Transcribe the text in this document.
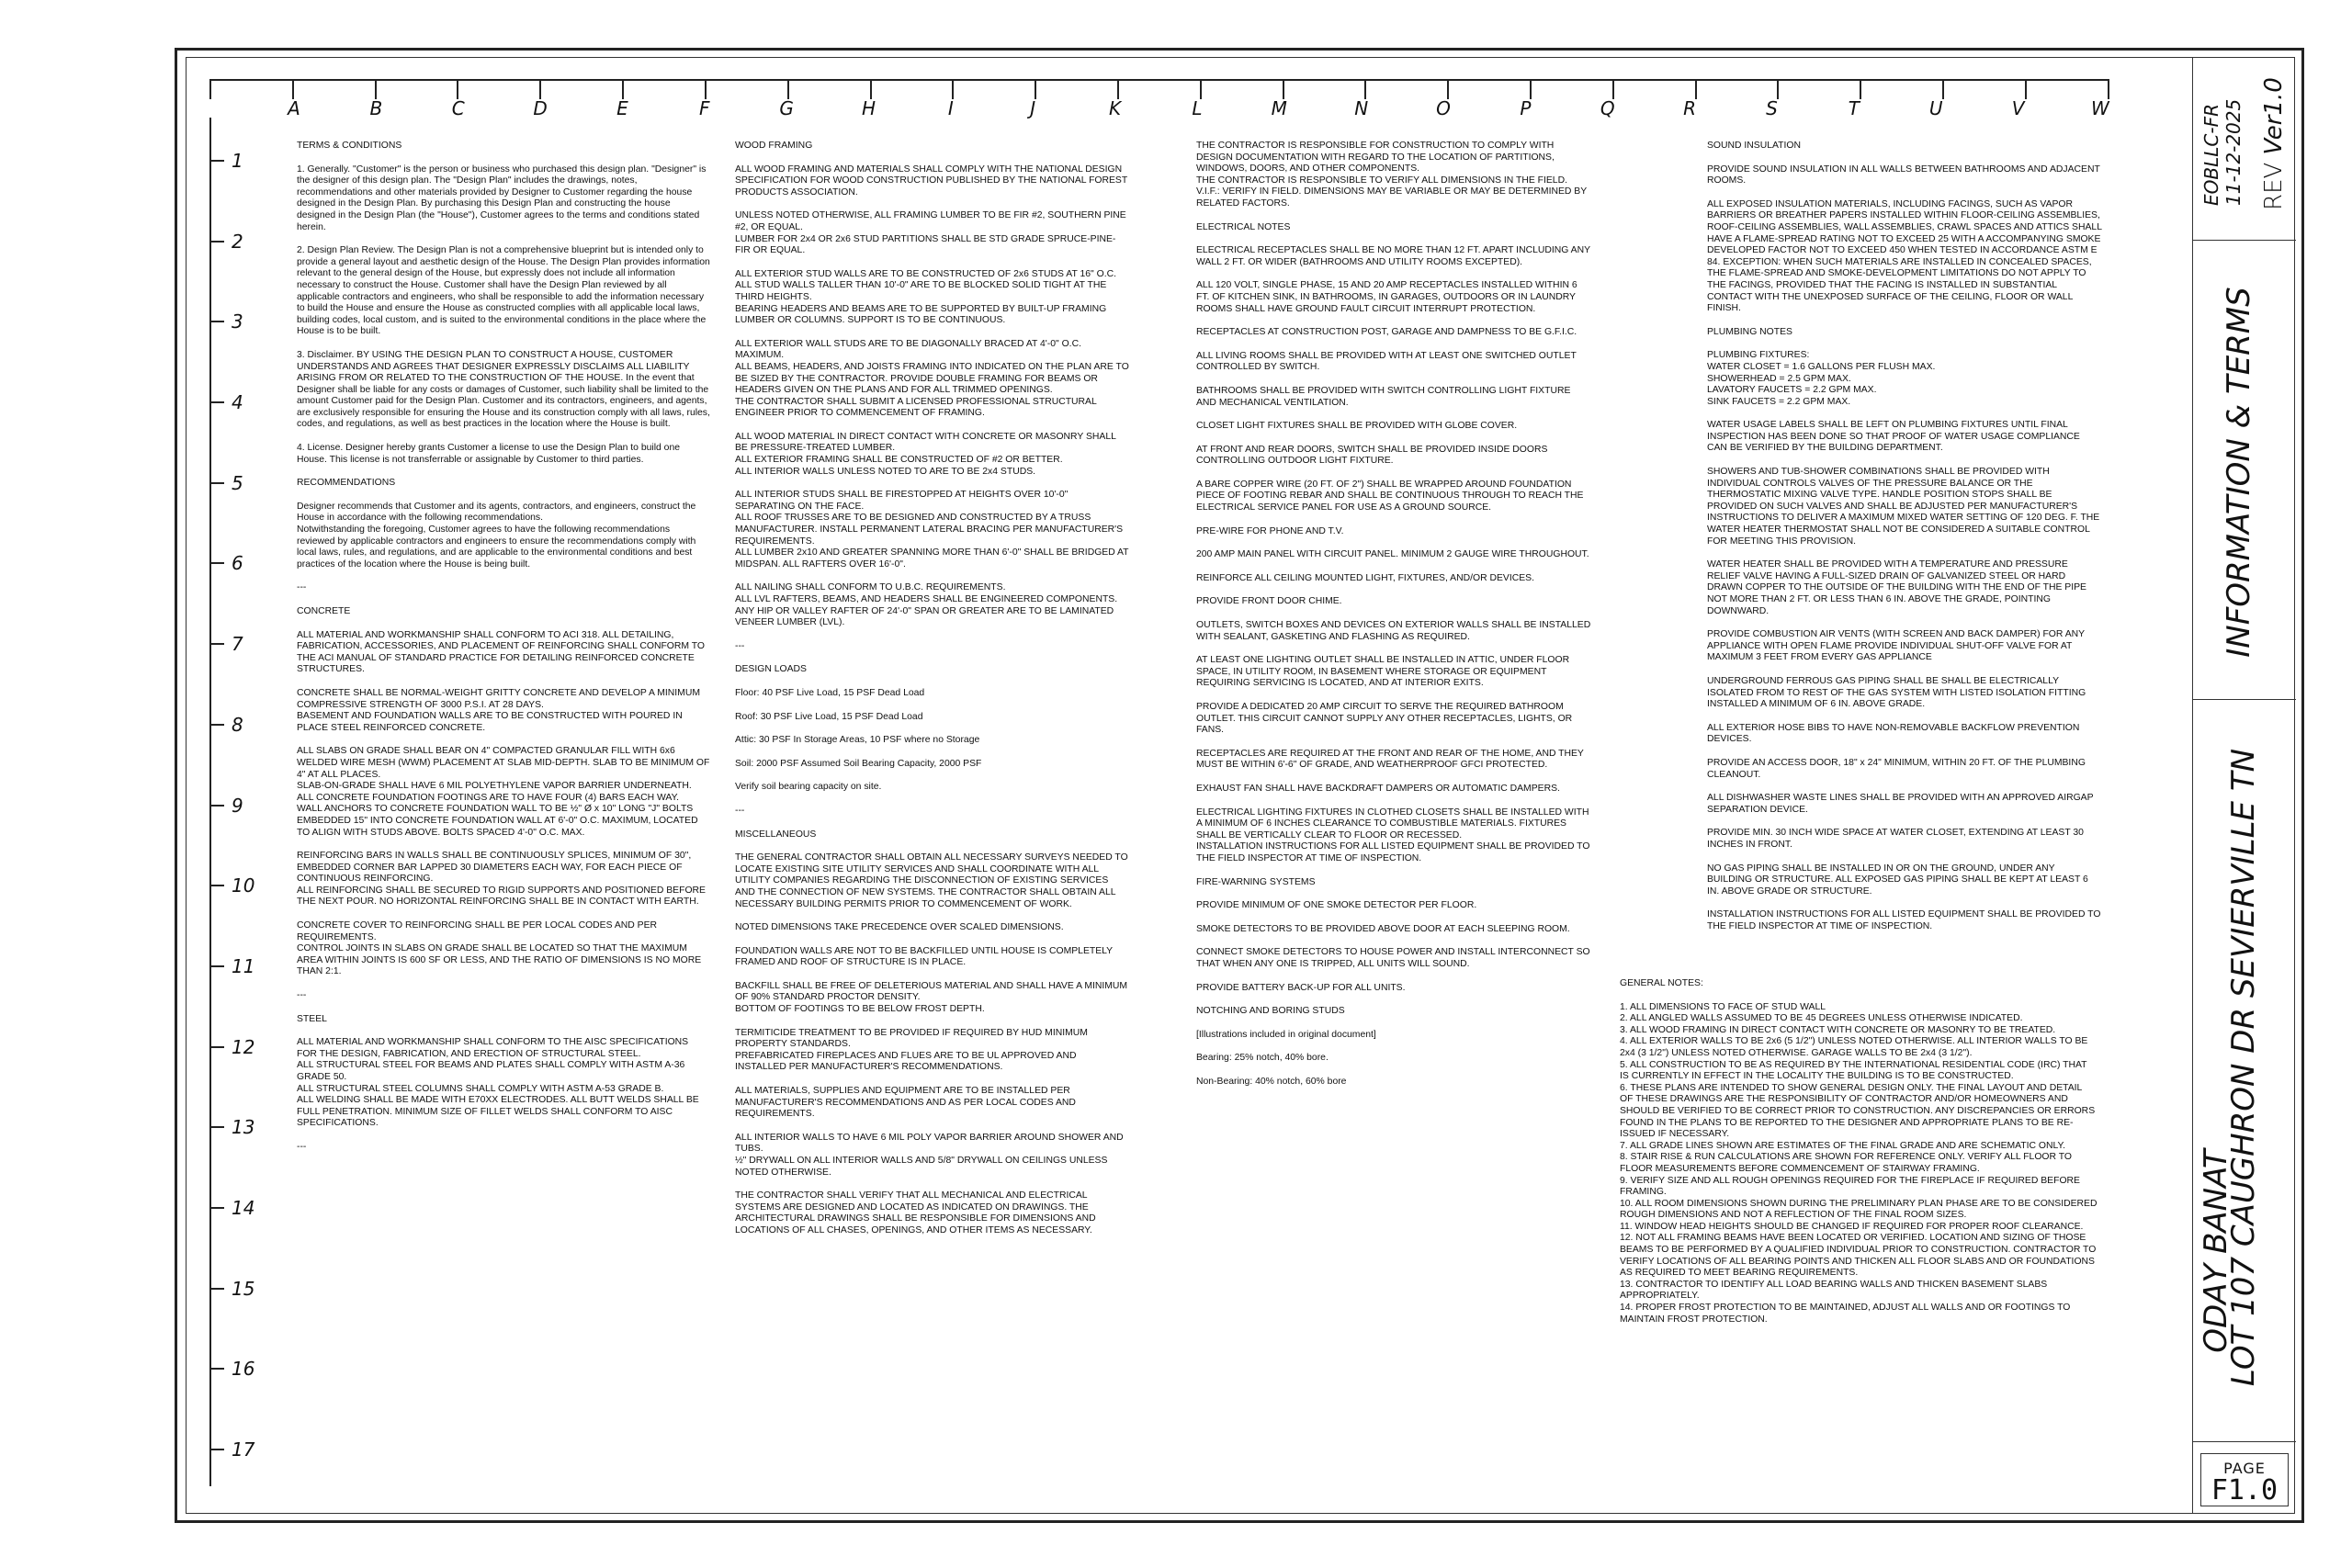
A	B	C	D	E	F	G	H	I	J	K	L	M	N	O	P	Q	R	S	T	U	V	W
1
2
3
4
5
6
7
8
9
10
11
12
13
14
15
16
17
TERMS & CONDITIONS

1. Generally. "Customer" is the person or business who purchased this design plan. "Designer" is the designer of this design plan. The "Design Plan" includes the drawings, notes, recommendations and other materials provided by Designer to Customer regarding the house designed in the Design Plan. By purchasing this Design Plan and constructing the house designed in the Design Plan (the "House"), Customer agrees to the terms and conditions stated herein.

2. Design Plan Review. The Design Plan is not a comprehensive blueprint but is intended only to provide a general layout and aesthetic design of the House. The Design Plan provides information relevant to the general design of the House, but expressly does not include all information necessary to construct the House. Customer shall have the Design Plan reviewed by all applicable contractors and engineers, who shall be responsible to add the information necessary to build the House and ensure the House as constructed complies with all applicable local laws, building codes, local custom, and is suited to the environmental conditions in the place where the House is to be built.

3. Disclaimer. BY USING THE DESIGN PLAN TO CONSTRUCT A HOUSE, CUSTOMER UNDERSTANDS AND AGREES THAT DESIGNER EXPRESSLY DISCLAIMS ALL LIABILITY ARISING FROM OR RELATED TO THE CONSTRUCTION OF THE HOUSE. In the event that Designer shall be liable for any costs or damages of Customer, such liability shall be limited to the amount Customer paid for the Design Plan. Customer and its contractors, engineers, and agents, are exclusively responsible for ensuring the House and its construction comply with all laws, rules, codes, and regulations, as well as best practices in the location where the House is built.

4. License. Designer hereby grants Customer a license to use the Design Plan to build one House. This license is not transferrable or assignable by Customer to third parties.

RECOMMENDATIONS

Designer recommends that Customer and its agents, contractors, and engineers, construct the House in accordance with the following recommendations.
Notwithstanding the foregoing, Customer agrees to have the following recommendations reviewed by applicable contractors and engineers to ensure the recommendations comply with local laws, rules, and regulations, and are applicable to the environmental conditions and best practices of the location where the House is being built.

---

CONCRETE

ALL MATERIAL AND WORKMANSHIP SHALL CONFORM TO ACI 318. ALL DETAILING, FABRICATION, ACCESSORIES, AND PLACEMENT OF REINFORCING SHALL CONFORM TO THE ACI MANUAL OF STANDARD PRACTICE FOR DETAILING REINFORCED CONCRETE STRUCTURES.

CONCRETE SHALL BE NORMAL-WEIGHT GRITTY CONCRETE AND DEVELOP A MINIMUM COMPRESSIVE STRENGTH OF 3000 P.S.I. AT 28 DAYS.
BASEMENT AND FOUNDATION WALLS ARE TO BE CONSTRUCTED WITH POURED IN PLACE STEEL REINFORCED CONCRETE.

ALL SLABS ON GRADE SHALL BEAR ON 4" COMPACTED GRANULAR FILL WITH 6x6 WELDED WIRE MESH (WWM) PLACEMENT AT SLAB MID-DEPTH. SLAB TO BE MINIMUM OF 4" AT ALL PLACES.
SLAB-ON-GRADE SHALL HAVE 6 MIL POLYETHYLENE VAPOR BARRIER UNDERNEATH.
ALL CONCRETE FOUNDATION FOOTINGS ARE TO HAVE FOUR (4) BARS EACH WAY.
WALL ANCHORS TO CONCRETE FOUNDATION WALL TO BE ½" Ø x 10" LONG "J" BOLTS EMBEDDED 15" INTO CONCRETE FOUNDATION WALL AT 6'-0" O.C. MAXIMUM, LOCATED TO ALIGN WITH STUDS ABOVE. BOLTS SPACED 4'-0" O.C. MAX.

REINFORCING BARS IN WALLS SHALL BE CONTINUOUSLY SPLICES, MINIMUM OF 30", EMBEDDED CORNER BAR LAPPED 30 DIAMETERS EACH WAY, FOR EACH PIECE OF CONTINUOUS REINFORCING.
ALL REINFORCING SHALL BE SECURED TO RIGID SUPPORTS AND POSITIONED BEFORE THE NEXT POUR. NO HORIZONTAL REINFORCING SHALL BE IN CONTACT WITH EARTH.

CONCRETE COVER TO REINFORCING SHALL BE PER LOCAL CODES AND PER REQUIREMENTS.
CONTROL JOINTS IN SLABS ON GRADE SHALL BE LOCATED SO THAT THE MAXIMUM AREA WITHIN JOINTS IS 600 SF OR LESS, AND THE RATIO OF DIMENSIONS IS NO MORE THAN 2:1.

---

STEEL

ALL MATERIAL AND WORKMANSHIP SHALL CONFORM TO THE AISC SPECIFICATIONS FOR THE DESIGN, FABRICATION, AND ERECTION OF STRUCTURAL STEEL.
ALL STRUCTURAL STEEL FOR BEAMS AND PLATES SHALL COMPLY WITH ASTM A-36 GRADE 50.
ALL STRUCTURAL STEEL COLUMNS SHALL COMPLY WITH ASTM A-53 GRADE B.
ALL WELDING SHALL BE MADE WITH E70XX ELECTRODES. ALL BUTT WELDS SHALL BE FULL PENETRATION. MINIMUM SIZE OF FILLET WELDS SHALL CONFORM TO AISC SPECIFICATIONS.

---

WOOD FRAMING

ALL WOOD FRAMING AND MATERIALS SHALL COMPLY WITH THE NATIONAL DESIGN SPECIFICATION FOR WOOD CONSTRUCTION PUBLISHED BY THE NATIONAL FOREST PRODUCTS ASSOCIATION.

UNLESS NOTED OTHERWISE, ALL FRAMING LUMBER TO BE FIR #2, SOUTHERN PINE #2, OR EQUAL.
LUMBER FOR 2x4 OR 2x6 STUD PARTITIONS SHALL BE STD GRADE SPRUCE-PINE-FIR OR EQUAL.

ALL EXTERIOR STUD WALLS ARE TO BE CONSTRUCTED OF 2x6 STUDS AT 16" O.C. ALL STUD WALLS TALLER THAN 10'-0" ARE TO BE BLOCKED SOLID TIGHT AT THE THIRD HEIGHTS.
BEARING HEADERS AND BEAMS ARE TO BE SUPPORTED BY BUILT-UP FRAMING LUMBER OR COLUMNS. SUPPORT IS TO BE CONTINUOUS.

ALL EXTERIOR WALL STUDS ARE TO BE DIAGONALLY BRACED AT 4'-0" O.C. MAXIMUM.
ALL BEAMS, HEADERS, AND JOISTS FRAMING INTO INDICATED ON THE PLAN ARE TO BE SIZED BY THE CONTRACTOR. PROVIDE DOUBLE FRAMING FOR BEAMS OR HEADERS GIVEN ON THE PLANS AND FOR ALL TRIMMED OPENINGS.
THE CONTRACTOR SHALL SUBMIT A LICENSED PROFESSIONAL STRUCTURAL ENGINEER PRIOR TO COMMENCEMENT OF FRAMING.

ALL WOOD MATERIAL IN DIRECT CONTACT WITH CONCRETE OR MASONRY SHALL BE PRESSURE-TREATED LUMBER.
ALL EXTERIOR FRAMING SHALL BE CONSTRUCTED OF #2 OR BETTER.
ALL INTERIOR WALLS UNLESS NOTED TO ARE TO BE 2x4 STUDS.

ALL INTERIOR STUDS SHALL BE FIRESTOPPED AT HEIGHTS OVER 10'-0" SEPARATING ON THE FACE.
ALL ROOF TRUSSES ARE TO BE DESIGNED AND CONSTRUCTED BY A TRUSS MANUFACTURER. INSTALL PERMANENT LATERAL BRACING PER MANUFACTURER'S REQUIREMENTS.
ALL LUMBER 2x10 AND GREATER SPANNING MORE THAN 6'-0" SHALL BE BRIDGED AT MIDSPAN. ALL RAFTERS OVER 16'-0".

ALL NAILING SHALL CONFORM TO U.B.C. REQUIREMENTS.
ALL LVL RAFTERS, BEAMS, AND HEADERS SHALL BE ENGINEERED COMPONENTS.
ANY HIP OR VALLEY RAFTER OF 24'-0" SPAN OR GREATER ARE TO BE LAMINATED VENEER LUMBER (LVL).

---

DESIGN LOADS

Floor: 40 PSF Live Load, 15 PSF Dead Load

Roof: 30 PSF Live Load, 15 PSF Dead Load

Attic: 30 PSF In Storage Areas, 10 PSF where no Storage

Soil: 2000 PSF Assumed Soil Bearing Capacity, 2000 PSF

Verify soil bearing capacity on site.

---

MISCELLANEOUS

THE GENERAL CONTRACTOR SHALL OBTAIN ALL NECESSARY SURVEYS NEEDED TO LOCATE EXISTING SITE UTILITY SERVICES AND SHALL COORDINATE WITH ALL UTILITY COMPANIES REGARDING THE DISCONNECTION OF EXISTING SERVICES AND THE CONNECTION OF NEW SYSTEMS. THE CONTRACTOR SHALL OBTAIN ALL NECESSARY BUILDING PERMITS PRIOR TO COMMENCEMENT OF WORK.

NOTED DIMENSIONS TAKE PRECEDENCE OVER SCALED DIMENSIONS.

FOUNDATION WALLS ARE NOT TO BE BACKFILLED UNTIL HOUSE IS COMPLETELY FRAMED AND ROOF OF STRUCTURE IS IN PLACE.

BACKFILL SHALL BE FREE OF DELETERIOUS MATERIAL AND SHALL HAVE A MINIMUM OF 90% STANDARD PROCTOR DENSITY.
BOTTOM OF FOOTINGS TO BE BELOW FROST DEPTH.

TERMITICIDE TREATMENT TO BE PROVIDED IF REQUIRED BY HUD MINIMUM PROPERTY STANDARDS.
PREFABRICATED FIREPLACES AND FLUES ARE TO BE UL APPROVED AND INSTALLED PER MANUFACTURER'S RECOMMENDATIONS.

ALL MATERIALS, SUPPLIES AND EQUIPMENT ARE TO BE INSTALLED PER MANUFACTURER'S RECOMMENDATIONS AND AS PER LOCAL CODES AND REQUIREMENTS.

ALL INTERIOR WALLS TO HAVE 6 MIL POLY VAPOR BARRIER AROUND SHOWER AND TUBS.
½" DRYWALL ON ALL INTERIOR WALLS AND 5/8" DRYWALL ON CEILINGS UNLESS NOTED OTHERWISE.

THE CONTRACTOR SHALL VERIFY THAT ALL MECHANICAL AND ELECTRICAL SYSTEMS ARE DESIGNED AND LOCATED AS INDICATED ON DRAWINGS. THE ARCHITECTURAL DRAWINGS SHALL BE RESPONSIBLE FOR DIMENSIONS AND LOCATIONS OF ALL CHASES, OPENINGS, AND OTHER ITEMS AS NECESSARY.

THE CONTRACTOR IS RESPONSIBLE FOR CONSTRUCTION TO COMPLY WITH DESIGN DOCUMENTATION WITH REGARD TO THE LOCATION OF PARTITIONS, WINDOWS, DOORS, AND OTHER COMPONENTS.
THE CONTRACTOR IS RESPONSIBLE TO VERIFY ALL DIMENSIONS IN THE FIELD.
V.I.F.: VERIFY IN FIELD. DIMENSIONS MAY BE VARIABLE OR MAY BE DETERMINED BY RELATED FACTORS.

ELECTRICAL NOTES

ELECTRICAL RECEPTACLES SHALL BE NO MORE THAN 12 FT. APART INCLUDING ANY WALL 2 FT. OR WIDER (BATHROOMS AND UTILITY ROOMS EXCEPTED).

ALL 120 VOLT, SINGLE PHASE, 15 AND 20 AMP RECEPTACLES INSTALLED WITHIN 6 FT. OF KITCHEN SINK, IN BATHROOMS, IN GARAGES, OUTDOORS OR IN LAUNDRY ROOMS SHALL HAVE GROUND FAULT CIRCUIT INTERRUPT PROTECTION.

RECEPTACLES AT CONSTRUCTION POST, GARAGE AND DAMPNESS TO BE G.F.I.C.

ALL LIVING ROOMS SHALL BE PROVIDED WITH AT LEAST ONE SWITCHED OUTLET CONTROLLED BY SWITCH.

BATHROOMS SHALL BE PROVIDED WITH SWITCH CONTROLLING LIGHT FIXTURE AND MECHANICAL VENTILATION.

CLOSET LIGHT FIXTURES SHALL BE PROVIDED WITH GLOBE COVER.

AT FRONT AND REAR DOORS, SWITCH SHALL BE PROVIDED INSIDE DOORS CONTROLLING OUTDOOR LIGHT FIXTURE.

A BARE COPPER WIRE (20 FT. OF 2") SHALL BE WRAPPED AROUND FOUNDATION PIECE OF FOOTING REBAR AND SHALL BE CONTINUOUS THROUGH TO REACH THE ELECTRICAL SERVICE PANEL FOR USE AS A GROUND SOURCE.

PRE-WIRE FOR PHONE AND T.V.

200 AMP MAIN PANEL WITH CIRCUIT PANEL. MINIMUM 2 GAUGE WIRE THROUGHOUT.

REINFORCE ALL CEILING MOUNTED LIGHT, FIXTURES, AND/OR DEVICES.

PROVIDE FRONT DOOR CHIME.

OUTLETS, SWITCH BOXES AND DEVICES ON EXTERIOR WALLS SHALL BE INSTALLED WITH SEALANT, GASKETING AND FLASHING AS REQUIRED.

AT LEAST ONE LIGHTING OUTLET SHALL BE INSTALLED IN ATTIC, UNDER FLOOR SPACE, IN UTILITY ROOM, IN BASEMENT WHERE STORAGE OR EQUIPMENT REQUIRING SERVICING IS LOCATED, AND AT INTERIOR EXITS.

PROVIDE A DEDICATED 20 AMP CIRCUIT TO SERVE THE REQUIRED BATHROOM OUTLET. THIS CIRCUIT CANNOT SUPPLY ANY OTHER RECEPTACLES, LIGHTS, OR FANS.

RECEPTACLES ARE REQUIRED AT THE FRONT AND REAR OF THE HOME, AND THEY MUST BE WITHIN 6'-6" OF GRADE, AND WEATHERPROOF GFCI PROTECTED.

EXHAUST FAN SHALL HAVE BACKDRAFT DAMPERS OR AUTOMATIC DAMPERS.

ELECTRICAL LIGHTING FIXTURES IN CLOTHED CLOSETS SHALL BE INSTALLED WITH A MINIMUM OF 6 INCHES CLEARANCE TO COMBUSTIBLE MATERIALS. FIXTURES SHALL BE VERTICALLY CLEAR TO FLOOR OR RECESSED.
INSTALLATION INSTRUCTIONS FOR ALL LISTED EQUIPMENT SHALL BE PROVIDED TO THE FIELD INSPECTOR AT TIME OF INSPECTION.

FIRE-WARNING SYSTEMS

PROVIDE MINIMUM OF ONE SMOKE DETECTOR PER FLOOR.

SMOKE DETECTORS TO BE PROVIDED ABOVE DOOR AT EACH SLEEPING ROOM.

CONNECT SMOKE DETECTORS TO HOUSE POWER AND INSTALL INTERCONNECT SO THAT WHEN ANY ONE IS TRIPPED, ALL UNITS WILL SOUND.

PROVIDE BATTERY BACK-UP FOR ALL UNITS.

NOTCHING AND BORING STUDS

[Illustrations included in original document]

Bearing: 25% notch, 40% bore.

Non-Bearing: 40% notch, 60% bore

SOUND INSULATION

PROVIDE SOUND INSULATION IN ALL WALLS BETWEEN BATHROOMS AND ADJACENT ROOMS.

ALL EXPOSED INSULATION MATERIALS, INCLUDING FACINGS, SUCH AS VAPOR BARRIERS OR BREATHER PAPERS INSTALLED WITHIN FLOOR-CEILING ASSEMBLIES, ROOF-CEILING ASSEMBLIES, WALL ASSEMBLIES, CRAWL SPACES AND ATTICS SHALL HAVE A FLAME-SPREAD RATING NOT TO EXCEED 25 WITH A ACCOMPANYING SMOKE DEVELOPED FACTOR NOT TO EXCEED 450 WHEN TESTED IN ACCORDANCE ASTM E 84. EXCEPTION: WHEN SUCH MATERIALS ARE INSTALLED IN CONCEALED SPACES, THE FLAME-SPREAD AND SMOKE-DEVELOPMENT LIMITATIONS DO NOT APPLY TO THE FACINGS, PROVIDED THAT THE FACING IS INSTALLED IN SUBSTANTIAL CONTACT WITH THE UNEXPOSED SURFACE OF THE CEILING, FLOOR OR WALL FINISH.

PLUMBING NOTES

PLUMBING FIXTURES:
WATER CLOSET = 1.6 GALLONS PER FLUSH MAX.
SHOWERHEAD = 2.5 GPM MAX.
LAVATORY FAUCETS = 2.2 GPM MAX.
SINK FAUCETS = 2.2 GPM MAX.

WATER USAGE LABELS SHALL BE LEFT ON PLUMBING FIXTURES UNTIL FINAL INSPECTION HAS BEEN DONE SO THAT PROOF OF WATER USAGE COMPLIANCE CAN BE VERIFIED BY THE BUILDING DEPARTMENT.

SHOWERS AND TUB-SHOWER COMBINATIONS SHALL BE PROVIDED WITH INDIVIDUAL CONTROLS VALVES OF THE PRESSURE BALANCE OR THE THERMOSTATIC MIXING VALVE TYPE. HANDLE POSITION STOPS SHALL BE PROVIDED ON SUCH VALVES AND SHALL BE ADJUSTED PER MANUFACTURER'S INSTRUCTIONS TO DELIVER A MAXIMUM MIXED WATER SETTING OF 120 DEG. F. THE WATER HEATER THERMOSTAT SHALL NOT BE CONSIDERED A SUITABLE CONTROL FOR MEETING THIS PROVISION.

WATER HEATER SHALL BE PROVIDED WITH A TEMPERATURE AND PRESSURE RELIEF VALVE HAVING A FULL-SIZED DRAIN OF GALVANIZED STEEL OR HARD DRAWN COPPER TO THE OUTSIDE OF THE BUILDING WITH THE END OF THE PIPE NOT MORE THAN 2 FT. OR LESS THAN 6 IN. ABOVE THE GRADE, POINTING DOWNWARD.

PROVIDE COMBUSTION AIR VENTS (WITH SCREEN AND BACK DAMPER) FOR ANY APPLIANCE WITH OPEN FLAME PROVIDE INDIVIDUAL SHUT-OFF VALVE FOR AT MAXIMUM 3 FEET FROM EVERY GAS APPLIANCE

UNDERGROUND FERROUS GAS PIPING SHALL BE SHALL BE ELECTRICALLY ISOLATED FROM TO REST OF THE GAS SYSTEM WITH LISTED ISOLATION FITTING INSTALLED A MINIMUM OF 6 IN. ABOVE GRADE.

ALL EXTERIOR HOSE BIBS TO HAVE NON-REMOVABLE BACKFLOW PREVENTION DEVICES.

PROVIDE AN ACCESS DOOR, 18" x 24" MINIMUM, WITHIN 20 FT. OF THE PLUMBING CLEANOUT.

ALL DISHWASHER WASTE LINES SHALL BE PROVIDED WITH AN APPROVED AIRGAP SEPARATION DEVICE.

PROVIDE MIN. 30 INCH WIDE SPACE AT WATER CLOSET, EXTENDING AT LEAST 30 INCHES IN FRONT.

NO GAS PIPING SHALL BE INSTALLED IN OR ON THE GROUND, UNDER ANY BUILDING OR STRUCTURE. ALL EXPOSED GAS PIPING SHALL BE KEPT AT LEAST 6 IN. ABOVE GRADE OR STRUCTURE.

INSTALLATION INSTRUCTIONS FOR ALL LISTED EQUIPMENT SHALL BE PROVIDED TO THE FIELD INSPECTOR AT TIME OF INSPECTION.

GENERAL NOTES:
1. ALL DIMENSIONS TO FACE OF STUD WALL
2. ALL ANGLED WALLS ASSUMED TO BE 45 DEGREES UNLESS OTHERWISE INDICATED.
3. ALL WOOD FRAMING IN DIRECT CONTACT WITH CONCRETE OR MASONRY TO BE TREATED.
4. ALL EXTERIOR WALLS TO BE 2x6 (5 1/2") UNLESS NOTED OTHERWISE. ALL INTERIOR WALLS TO BE 2x4 (3 1/2") UNLESS NOTED OTHERWISE. GARAGE WALLS TO BE 2x4 (3 1/2").
5. ALL CONSTRUCTION TO BE AS REQUIRED BY THE INTERNATIONAL RESIDENTIAL CODE (IRC) THAT IS CURRENTLY IN EFFECT IN THE LOCALITY THE BUILDING IS TO BE CONSTRUCTED.
6. THESE PLANS ARE INTENDED TO SHOW GENERAL DESIGN ONLY. THE FINAL LAYOUT AND DETAIL OF THESE DRAWINGS ARE THE RESPONSIBILITY OF CONTRACTOR AND/OR HOMEOWNERS AND SHOULD BE VERIFIED TO BE CORRECT PRIOR TO CONSTRUCTION. ANY DISCREPANCIES OR ERRORS FOUND IN THE PLANS TO BE REPORTED TO THE DESIGNER AND APPROPRIATE PLANS TO BE RE-ISSUED IF NECESSARY.
7. ALL GRADE LINES SHOWN ARE ESTIMATES OF THE FINAL GRADE AND ARE SCHEMATIC ONLY.
8. STAIR RISE & RUN CALCULATIONS ARE SHOWN FOR REFERENCE ONLY. VERIFY ALL FLOOR TO FLOOR MEASUREMENTS BEFORE COMMENCEMENT OF STAIRWAY FRAMING.
9. VERIFY SIZE AND ALL ROUGH OPENINGS REQUIRED FOR THE FIREPLACE IF REQUIRED BEFORE FRAMING.
10. ALL ROOM DIMENSIONS SHOWN DURING THE PRELIMINARY PLAN PHASE ARE TO BE CONSIDERED ROUGH DIMENSIONS AND NOT A REFLECTION OF THE FINAL ROOM SIZES.
11. WINDOW HEAD HEIGHTS SHOULD BE CHANGED IF REQUIRED FOR PROPER ROOF CLEARANCE.
12. NOT ALL FRAMING BEAMS HAVE BEEN LOCATED OR VERIFIED. LOCATION AND SIZING OF THOSE BEAMS TO BE PERFORMED BY A QUALIFIED INDIVIDUAL PRIOR TO CONSTRUCTION. CONTRACTOR TO VERIFY LOCATIONS OF ALL BEARING POINTS AND THICKEN ALL FLOOR SLABS AND OR FOUNDATIONS AS REQUIRED TO MEET BEARING REQUIREMENTS.
13. CONTRACTOR TO IDENTIFY ALL LOAD BEARING WALLS AND THICKEN BASEMENT SLABS APPROPRIATELY.
14. PROPER FROST PROTECTION TO BE MAINTAINED, ADJUST ALL WALLS AND OR FOOTINGS TO MAINTAIN FROST PROTECTION.
EOBLLC-FR 11-12-2025 REV Ver1.0
INFORMATION & TERMS
ODAY BANAT
LOT 107 CAUGHRON DR SEVIERVILLE TN
PAGE
F1.0
